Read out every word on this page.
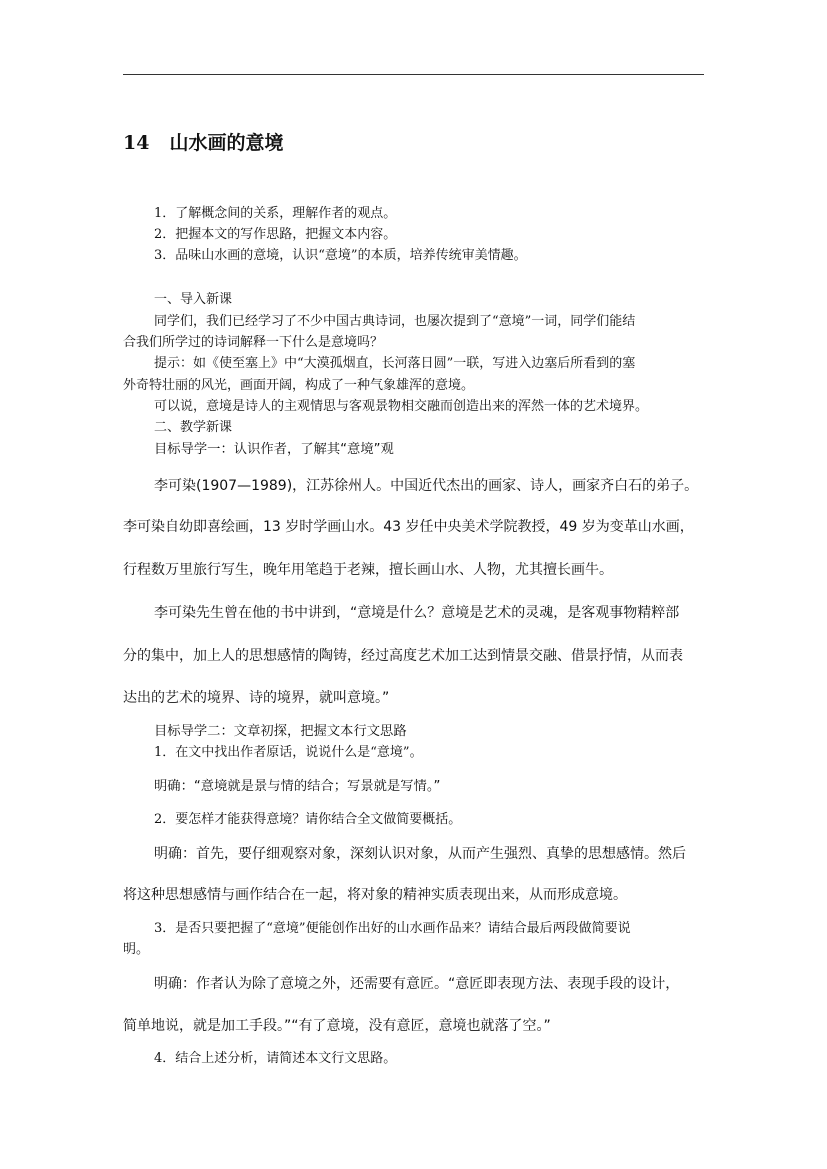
14 山水画的意境
1．了解概念间的关系，理解作者的观点。
2．把握本文的写作思路，把握文本内容。
3．品味山水画的意境，认识“意境”的本质，培养传统审美情趣。
一、导入新课
同学们，我们已经学习了不少中国古典诗词，也屡次提到了“意境”一词，同学们能结
合我们所学过的诗词解释一下什么是意境吗？
提示：如《使至塞上》中“大漠孤烟直，长河落日圆”一联，写进入边塞后所看到的塞
外奇特壮丽的风光，画面开阔，构成了一种气象雄浑的意境。
可以说，意境是诗人的主观情思与客观景物相交融而创造出来的浑然一体的艺术境界。
二、教学新课
目标导学一：认识作者，了解其“意境”观
李可染(1907—1989)，江苏徐州人。中国近代杰出的画家、诗人，画家齐白石的弟子。
李可染自幼即喜绘画，13 岁时学画山水。43 岁任中央美术学院教授，49 岁为变革山水画，
行程数万里旅行写生，晚年用笔趋于老辣，擅长画山水、人物，尤其擅长画牛。
李可染先生曾在他的书中讲到，“意境是什么？意境是艺术的灵魂，是客观事物精粹部
分的集中，加上人的思想感情的陶铸，经过高度艺术加工达到情景交融、借景抒情，从而表
达出的艺术的境界、诗的境界，就叫意境。”
目标导学二：文章初探，把握文本行文思路
1．在文中找出作者原话，说说什么是“意境”。
明确：“意境就是景与情的结合；写景就是写情。”
2．要怎样才能获得意境？请你结合全文做简要概括。
明确：首先，要仔细观察对象，深刻认识对象，从而产生强烈、真挚的思想感情。然后
将这种思想感情与画作结合在一起，将对象的精神实质表现出来，从而形成意境。
3．是否只要把握了“意境”便能创作出好的山水画作品来？请结合最后两段做简要说
明。
明确：作者认为除了意境之外，还需要有意匠。“意匠即表现方法、表现手段的设计，
简单地说，就是加工手段。”“有了意境，没有意匠，意境也就落了空。”
4．结合上述分析，请简述本文行文思路。
